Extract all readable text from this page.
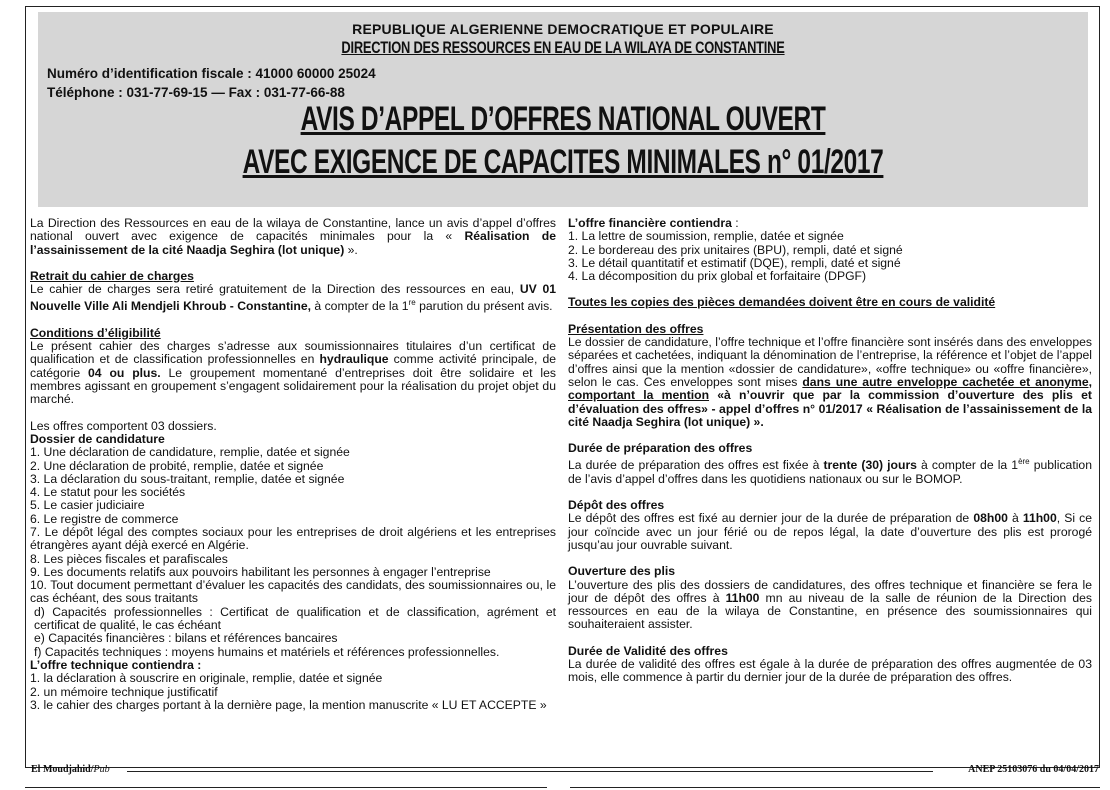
REPUBLIQUE ALGERIENNE DEMOCRATIQUE ET POPULAIRE
DIRECTION DES RESSOURCES EN EAU DE LA WILAYA DE CONSTANTINE
Numéro d’identification fiscale : 41000 60000 25024
Téléphone : 031-77-69-15 — Fax : 031-77-66-88
AVIS D’APPEL D’OFFRES NATIONAL OUVERT
AVEC EXIGENCE DE CAPACITES MINIMALES n° 01/2017

La Direction des Ressources en eau de la wilaya de Constantine, lance un avis d’appel d’offres national ouvert avec exigence de capacités minimales pour la « Réalisation de l’assainissement de la cité Naadja Seghira (lot unique) ».

Retrait du cahier de charges

Le cahier de charges sera retiré gratuitement de la Direction des ressources en eau, UV 01 Nouvelle Ville Ali Mendjeli Khroub - Constantine, à compter de la 1re parution du présent avis.

Conditions d’éligibilité

Le présent cahier des charges s’adresse aux soumissionnaires titulaires d’un certificat de qualification et de classification professionnelles en hydraulique comme activité principale, de catégorie 04 ou plus. Le groupement momentané d’entreprises doit être solidaire et les membres agissant en groupement s’engagent solidairement pour la réalisation du projet objet du marché.

Les offres comportent 03 dossiers.

Dossier de candidature

1. Une déclaration de candidature, remplie, datée et signée

2. Une déclaration de probité, remplie, datée et signée

3. La déclaration du sous-traitant, remplie, datée et signée

4. Le statut pour les sociétés

5. Le casier judiciaire

6. Le registre de commerce

7. Le dépôt légal des comptes sociaux pour les entreprises de droit algériens et les entreprises étrangères ayant déjà exercé en Algérie.

8. Les pièces fiscales et parafiscales

9. Les documents relatifs aux pouvoirs habilitant les personnes à engager l’entreprise

10. Tout document permettant d’évaluer les capacités des candidats, des soumissionnaires ou, le cas échéant, des sous traitants

d) Capacités professionnelles : Certificat de qualification et de classification, agrément et certificat de qualité, le cas échéant

e) Capacités financières : bilans et références bancaires

f) Capacités techniques : moyens humains et matériels et références professionnelles.

L’offre technique contiendra :

1. la déclaration à souscrire en originale, remplie, datée et signée

2. un mémoire technique justificatif

3. le cahier des charges portant à la dernière page, la mention manuscrite « LU ET ACCEPTE »

L’offre financière contiendra :

1. La lettre de soumission, remplie, datée et signée

2. Le bordereau des prix unitaires (BPU), rempli, daté et signé

3. Le détail quantitatif et estimatif (DQE), rempli, daté et signé

4. La décomposition du prix global et forfaitaire (DPGF)

Toutes les copies des pièces demandées doivent être en cours de validité

Présentation des offres

Le dossier de candidature, l’offre technique et l’offre financière sont insérés dans des enveloppes séparées et cachetées, indiquant la dénomination de l’entreprise, la référence et l’objet de l’appel d’offres ainsi que la mention «dossier de candidature», «offre technique» ou «offre financière», selon le cas. Ces enveloppes sont mises dans une autre enveloppe cachetée et anonyme, comportant la mention «à n’ouvrir que par la commission d’ouverture des plis et d’évaluation des offres» - appel d’offres n° 01/2017 « Réalisation de l’assainissement de la cité Naadja Seghira (lot unique) ».

Durée de préparation des offres

La durée de préparation des offres est fixée à trente (30) jours à compter de la 1ère publication de l’avis d’appel d’offres dans les quotidiens nationaux ou sur le BOMOP.

Dépôt des offres

Le dépôt des offres est fixé au dernier jour de la durée de préparation de 08h00 à 11h00, Si ce jour coïncide avec un jour férié ou de repos légal, la date d’ouverture des plis est prorogé jusqu’au jour ouvrable suivant.

Ouverture des plis

L’ouverture des plis des dossiers de candidatures, des offres technique et financière se fera le jour de dépôt des offres à 11h00 mn au niveau de la salle de réunion de la Direction des ressources en eau de la wilaya de Constantine, en présence des soumissionnaires qui souhaiteraient assister.

Durée de Validité des offres

La durée de validité des offres est égale à la durée de préparation des offres augmentée de 03 mois, elle commence à partir du dernier jour de la durée de préparation des offres.

El Moudjahid/Pub	ANEP 25103076 du 04/04/2017
